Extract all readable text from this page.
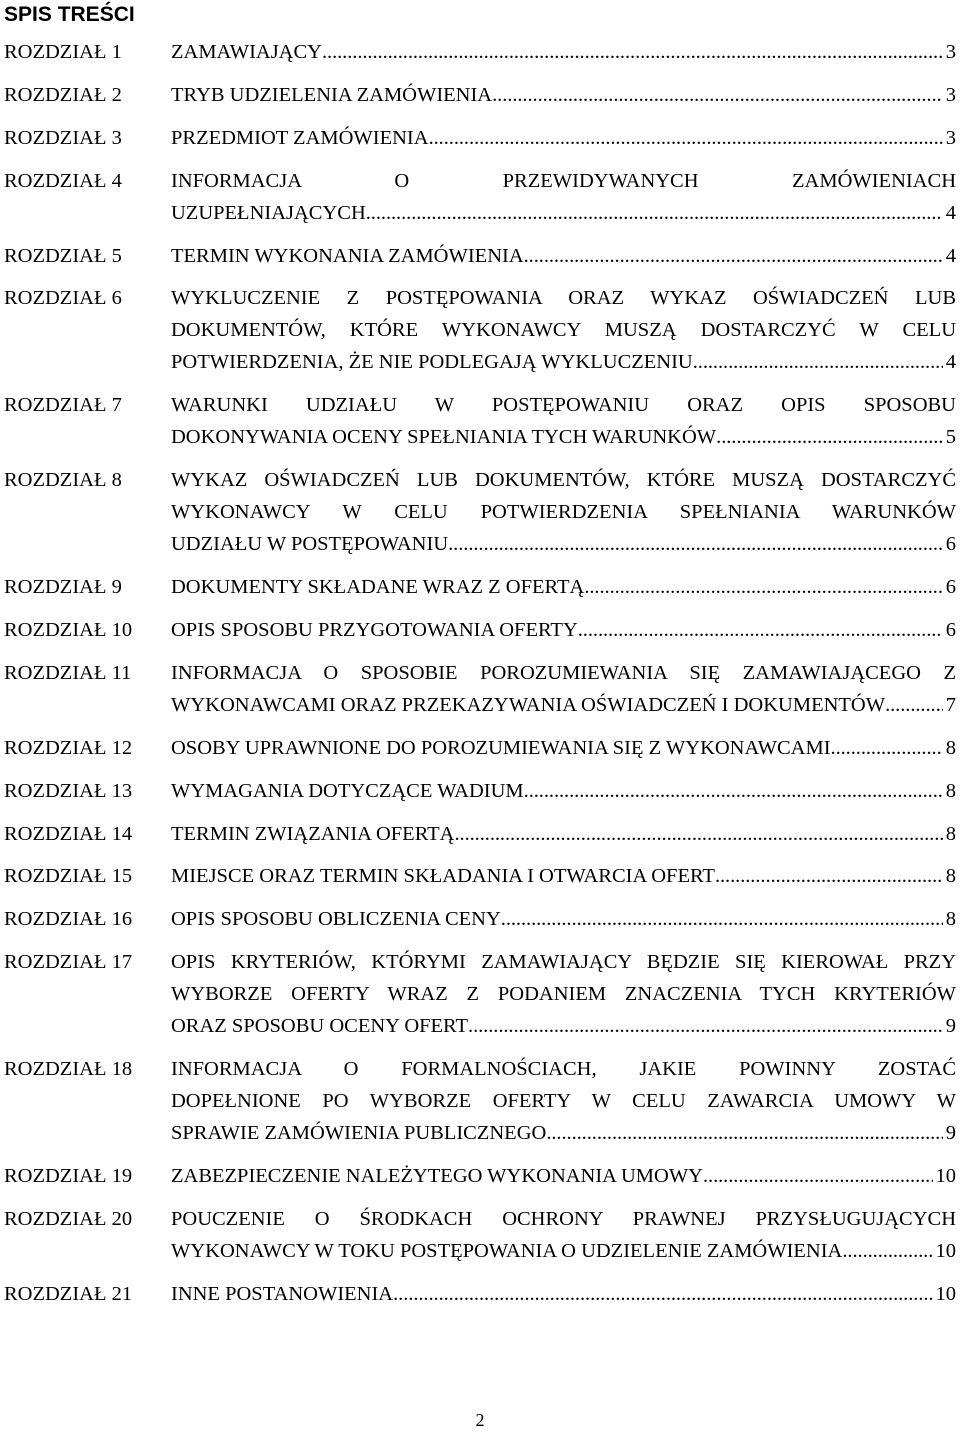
SPIS TREŚCI
ROZDZIAŁ 1 ZAMAWIAJĄCY . . .	3
ROZDZIAŁ 2 TRYB UDZIELENIA ZAMÓWIENIA . . .	3
ROZDZIAŁ 3 PRZEDMIOT ZAMÓWIENIA . . .	3
ROZDZIAŁ 4 INFORMACJA O PRZEWIDYWANYCH ZAMÓWIENIACH
UZUPEŁNIAJĄCYCH . . .	4
ROZDZIAŁ 5 TERMIN WYKONANIA ZAMÓWIENIA . . .	4
ROZDZIAŁ 6 WYKLUCZENIE Z POSTĘPOWANIA ORAZ WYKAZ OŚWIADCZEŃ LUB
DOKUMENTÓW, KTÓRE WYKONAWCY MUSZĄ DOSTARCZYĆ W CELU
POTWIERDZENIA, ŻE NIE PODLEGAJĄ WYKLUCZENIU . . .	4
ROZDZIAŁ 7 WARUNKI UDZIAŁU W POSTĘPOWANIU ORAZ OPIS SPOSOBU
DOKONYWANIA OCENY SPEŁNIANIA TYCH WARUNKÓW . . .	5
ROZDZIAŁ 8 WYKAZ OŚWIADCZEŃ LUB DOKUMENTÓW, KTÓRE MUSZĄ DOSTARCZYĆ
WYKONAWCY W CELU POTWIERDZENIA SPEŁNIANIA WARUNKÓW
UDZIAŁU W POSTĘPOWANIU . . .	6
ROZDZIAŁ 9 DOKUMENTY SKŁADANE WRAZ Z OFERTĄ . . .	6
ROZDZIAŁ 10 OPIS SPOSOBU PRZYGOTOWANIA OFERTY . . .	6
ROZDZIAŁ 11 INFORMACJA O SPOSOBIE POROZUMIEWANIA SIĘ ZAMAWIAJĄCEGO Z
WYKONAWCAMI ORAZ PRZEKAZYWANIA OŚWIADCZEŃ I DOKUMENTÓW . . .	7
ROZDZIAŁ 12 OSOBY UPRAWNIONE DO POROZUMIEWANIA SIĘ Z WYKONAWCAMI . . .	8
ROZDZIAŁ 13 WYMAGANIA DOTYCZĄCE WADIUM . . .	8
ROZDZIAŁ 14 TERMIN ZWIĄZANIA OFERTĄ . . .	8
ROZDZIAŁ 15 MIEJSCE ORAZ TERMIN SKŁADANIA I OTWARCIA OFERT . . .	8
ROZDZIAŁ 16 OPIS SPOSOBU OBLICZENIA CENY . . .	8
ROZDZIAŁ 17 OPIS KRYTERIÓW, KTÓRYMI ZAMAWIAJĄCY BĘDZIE SIĘ KIEROWAŁ PRZY
WYBORZE OFERTY WRAZ Z PODANIEM ZNACZENIA TYCH KRYTERIÓW
ORAZ SPOSOBU OCENY OFERT . . .	9
ROZDZIAŁ 18 INFORMACJA O FORMALNOŚCIACH, JAKIE POWINNY ZOSTAĆ
DOPEŁNIONE PO WYBORZE OFERTY W CELU ZAWARCIA UMOWY W
SPRAWIE ZAMÓWIENIA PUBLICZNEGO . . .	9
ROZDZIAŁ 19 ZABEZPIECZENIE NALEŻYTEGO WYKONANIA UMOWY . . .	10
ROZDZIAŁ 20 POUCZENIE O ŚRODKACH OCHRONY PRAWNEJ PRZYSŁUGUJĄCYCH
WYKONAWCY W TOKU POSTĘPOWANIA O UDZIELENIE ZAMÓWIENIA . . .	10
ROZDZIAŁ 21 INNE POSTANOWIENIA . . .	10
2
